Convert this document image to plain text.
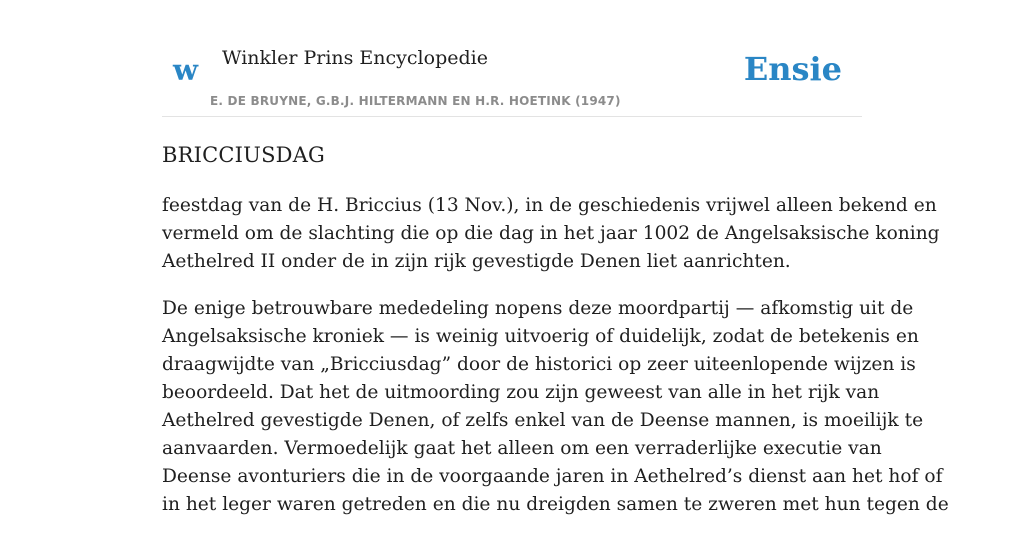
w Winkler Prins Encyclopedie	Ensie
E. DE BRUYNE, G.B.J. HILTERMANN EN H.R. HOETINK (1947)
BRICCIUSDAG

feestdag van de H. Briccius (13 Nov.), in de geschiedenis vrijwel alleen bekend en
vermeld om de slachting die op die dag in het jaar 1002 de Angelsaksische koning
Aethelred II onder de in zijn rijk gevestigde Denen liet aanrichten.

De enige betrouwbare mededeling nopens deze moordpartij — afkomstig uit de
Angelsaksische kroniek — is weinig uitvoerig of duidelijk, zodat de betekenis en
draagwijdte van „Bricciusdag” door de historici op zeer uiteenlopende wijzen is
beoordeeld. Dat het de uitmoording zou zijn geweest van alle in het rijk van
Aethelred gevestigde Denen, of zelfs enkel van de Deense mannen, is moeilijk te
aanvaarden. Vermoedelijk gaat het alleen om een verraderlijke executie van
Deense avonturiers die in de voorgaande jaren in Aethelred’s dienst aan het hof of
in het leger waren getreden en die nu dreigden samen te zweren met hun tegen de
